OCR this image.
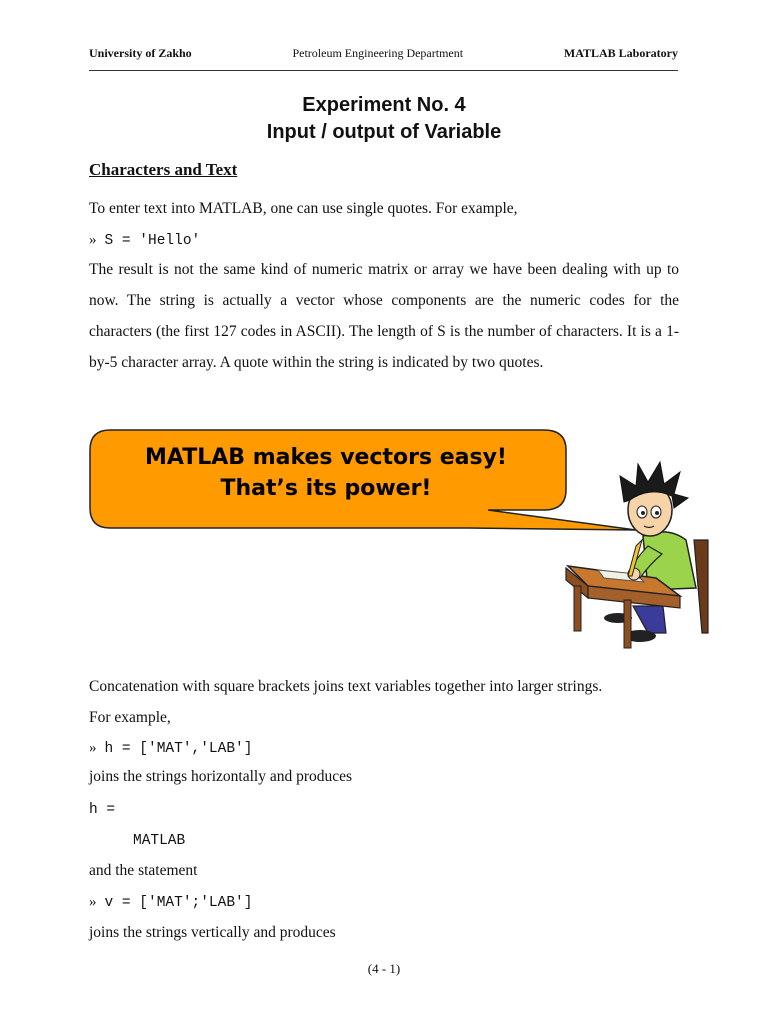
University of Zakho	Petroleum Engineering Department	MATLAB Laboratory
Experiment No. 4
Input / output of Variable
Characters and Text
To enter text into MATLAB, one can use single quotes. For example,
» S = 'Hello'
The result is not the same kind of numeric matrix or array we have been dealing with up to now. The string is actually a vector whose components are the numeric codes for the characters (the first 127 codes in ASCII). The length of S is the number of characters. It is a 1-by-5 character array. A quote within the string is indicated by two quotes.
MATLAB makes vectors easy!
That’s its power!
Concatenation with square brackets joins text variables together into larger strings.
For example,
» h = ['MAT','LAB']
joins the strings horizontally and produces
h =
MATLAB
and the statement
» v = ['MAT';'LAB']
joins the strings vertically and produces
(4 - 1)
